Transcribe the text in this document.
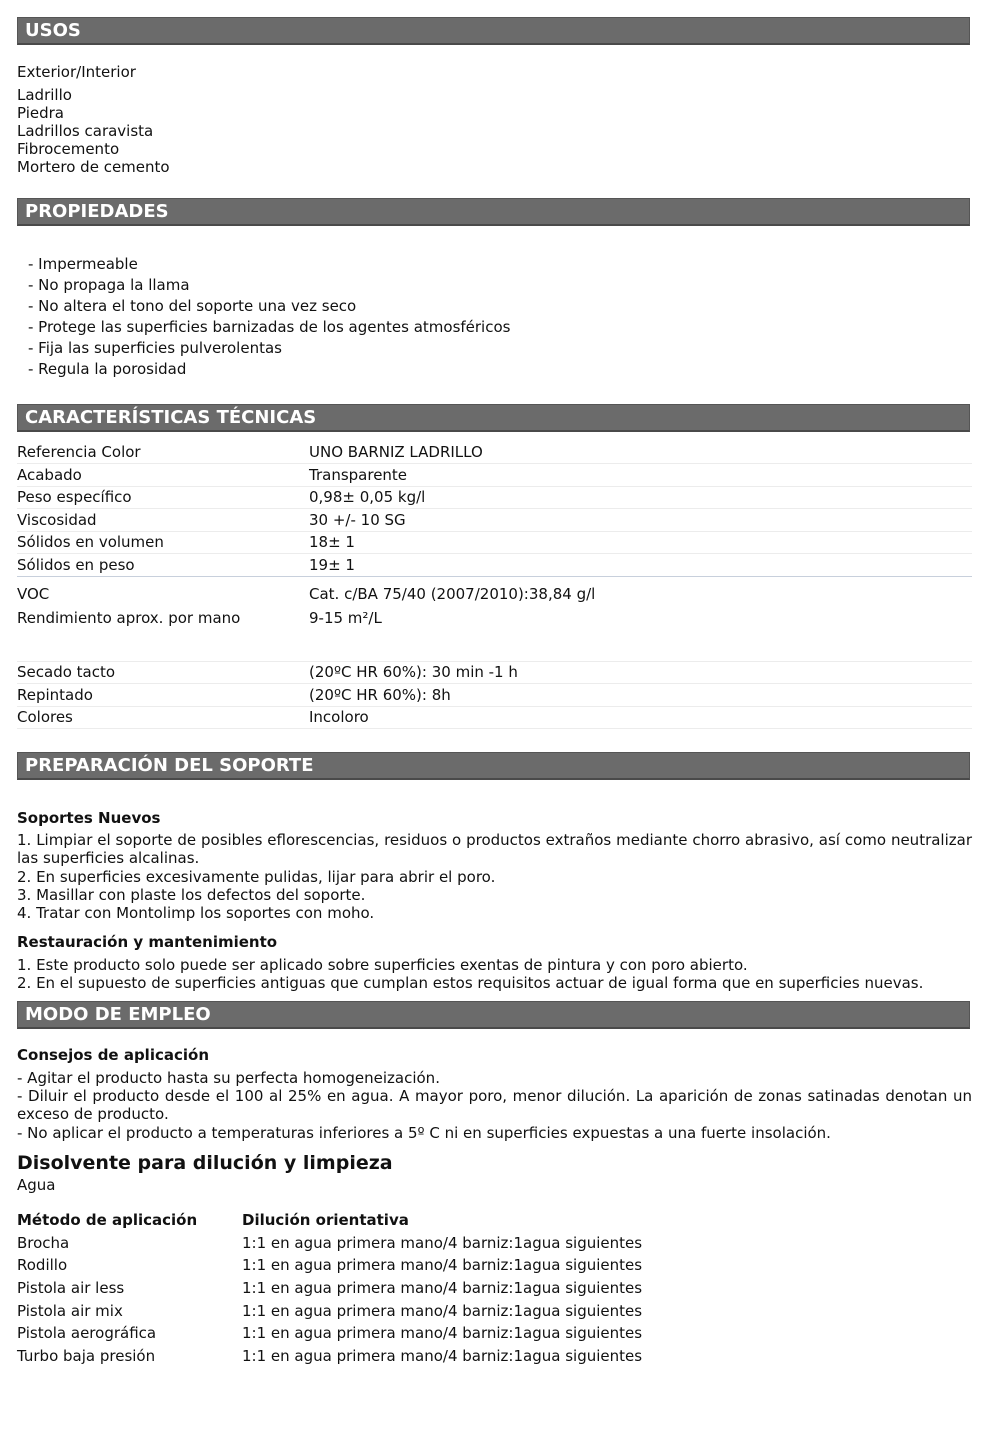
USOS
Exterior/Interior
Ladrillo
Piedra
Ladrillos caravista
Fibrocemento
Mortero de cemento
PROPIEDADES
- Impermeable
- No propaga la llama
- No altera el tono del soporte una vez seco
- Protege las superficies barnizadas de los agentes atmosféricos
- Fija las superficies pulverolentas
- Regula la porosidad
CARACTERÍSTICAS TÉCNICAS
Referencia Color	UNO BARNIZ LADRILLO
Acabado	Transparente
Peso específico	0,98± 0,05 kg/l
Viscosidad	30 +/- 10 SG
Sólidos en volumen	18± 1
Sólidos en peso	19± 1
VOC	Cat. c/BA 75/40 (2007/2010):38,84 g/l
Rendimiento aprox. por mano	9-15 m²/L
Secado tacto	(20ºC HR 60%): 30 min -1 h
Repintado	(20ºC HR 60%): 8h
Colores	Incoloro
PREPARACIÓN DEL SOPORTE
Soportes Nuevos
1. Limpiar el soporte de posibles eflorescencias, residuos o productos extraños mediante chorro abrasivo, así como neutralizar las superficies alcalinas.
2. En superficies excesivamente pulidas, lijar para abrir el poro.
3. Masillar con plaste los defectos del soporte.
4. Tratar con Montolimp los soportes con moho.
Restauración y mantenimiento
1. Este producto solo puede ser aplicado sobre superficies exentas de pintura y con poro abierto.
2. En el supuesto de superficies antiguas que cumplan estos requisitos actuar de igual forma que en superficies nuevas.
MODO DE EMPLEO
Consejos de aplicación
- Agitar el producto hasta su perfecta homogeneización.
- Diluir el producto desde el 100 al 25% en agua. A mayor poro, menor dilución. La aparición de zonas satinadas denotan un exceso de producto.
- No aplicar el producto a temperaturas inferiores a 5º C ni en superficies expuestas a una fuerte insolación.
Disolvente para dilución y limpieza
Agua
Método de aplicación	Dilución orientativa
Brocha	1:1 en agua primera mano/4 barniz:1agua siguientes
Rodillo	1:1 en agua primera mano/4 barniz:1agua siguientes
Pistola air less	1:1 en agua primera mano/4 barniz:1agua siguientes
Pistola air mix	1:1 en agua primera mano/4 barniz:1agua siguientes
Pistola aerográfica	1:1 en agua primera mano/4 barniz:1agua siguientes
Turbo baja presión	1:1 en agua primera mano/4 barniz:1agua siguientes
